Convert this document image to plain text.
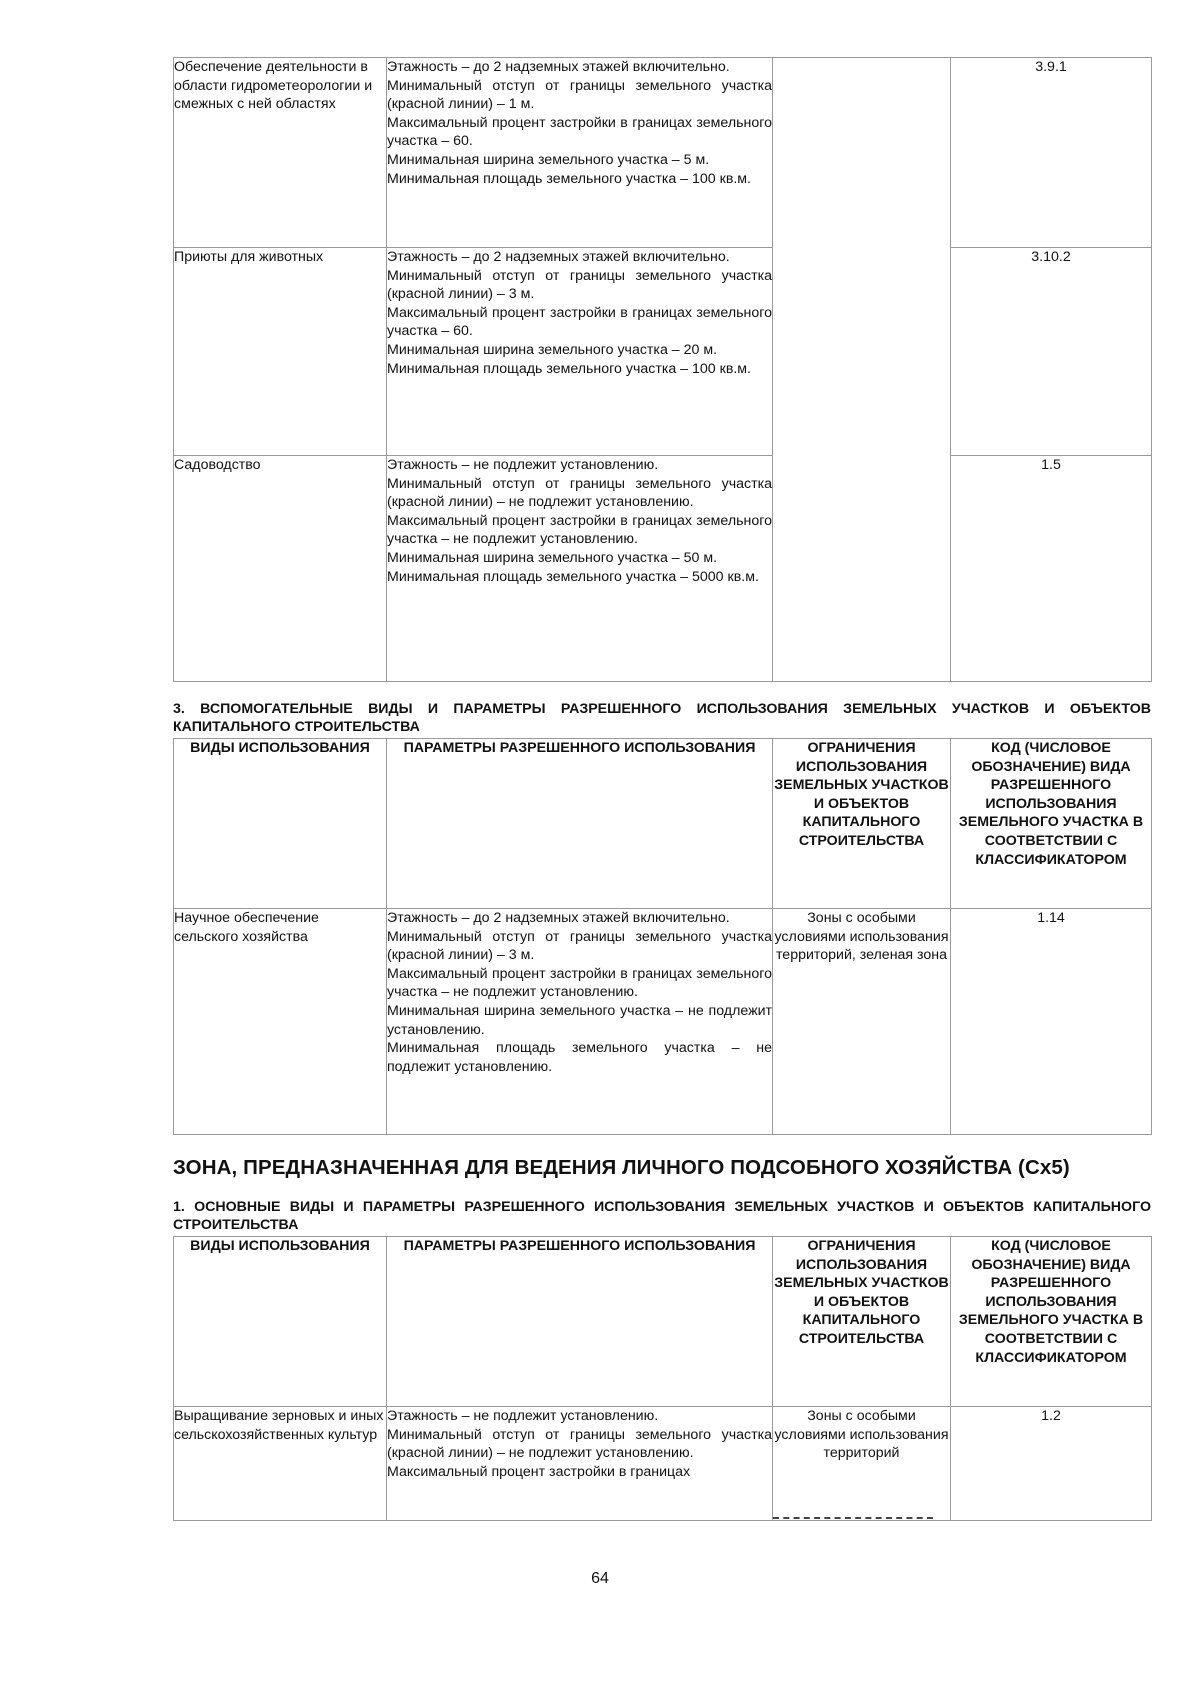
Обеспечение деятельности в области гидрометеорологии и смежных с ней областях	Этажность – до 2 надземных этажей включительно.

Минимальный отступ от границы земельного участка (красной линии) – 1 м.

Максимальный процент застройки в границах земельного участка – 60.

Минимальная ширина земельного участка – 5 м.

Минимальная площадь земельного участка – 100 кв.м.		3.9.1
Приюты для животных	Этажность – до 2 надземных этажей включительно.

Минимальный отступ от границы земельного участка (красной линии) – 3 м.

Максимальный процент застройки в границах земельного участка – 60.

Минимальная ширина земельного участка – 20 м.

Минимальная площадь земельного участка – 100 кв.м.		3.10.2
Садоводство	Этажность – не подлежит установлению.

Минимальный отступ от границы земельного участка (красной линии) – не подлежит установлению.

Максимальный процент застройки в границах земельного участка – не подлежит установлению.

Минимальная ширина земельного участка – 50 м.

Минимальная площадь земельного участка – 5000 кв.м.		1.5

3. ВСПОМОГАТЕЛЬНЫЕ ВИДЫ И ПАРАМЕТРЫ РАЗРЕШЕННОГО ИСПОЛЬЗОВАНИЯ ЗЕМЕЛЬНЫХ УЧАСТКОВ И ОБЪЕКТОВ КАПИТАЛЬНОГО СТРОИТЕЛЬСТВА

ВИДЫ ИСПОЛЬЗОВАНИЯ	ПАРАМЕТРЫ РАЗРЕШЕННОГО ИСПОЛЬЗОВАНИЯ	ОГРАНИЧЕНИЯ ИСПОЛЬЗОВАНИЯ ЗЕМЕЛЬНЫХ УЧАСТКОВ И ОБЪЕКТОВ КАПИТАЛЬНОГО СТРОИТЕЛЬСТВА	КОД (ЧИСЛОВОЕ ОБОЗНАЧЕНИЕ) ВИДА РАЗРЕШЕННОГО ИСПОЛЬЗОВАНИЯ ЗЕМЕЛЬНОГО УЧАСТКА В СООТВЕТСТВИИ С КЛАССИФИКАТОРОМ
Научное обеспечение сельского хозяйства	Этажность – до 2 надземных этажей включительно.

Минимальный отступ от границы земельного участка (красной линии) – 3 м.

Максимальный процент застройки в границах земельного участка – не подлежит установлению.

Минимальная ширина земельного участка – не подлежит установлению.

Минимальная площадь земельного участка – не подлежит установлению.	Зоны с особыми условиями использования территорий, зеленая зона	1.14
ЗОНА, ПРЕДНАЗНАЧЕННАЯ ДЛЯ ВЕДЕНИЯ ЛИЧНОГО ПОДСОБНОГО ХОЗЯЙСТВА (Сх5)

1. ОСНОВНЫЕ ВИДЫ И ПАРАМЕТРЫ РАЗРЕШЕННОГО ИСПОЛЬЗОВАНИЯ ЗЕМЕЛЬНЫХ УЧАСТКОВ И ОБЪЕКТОВ КАПИТАЛЬНОГО СТРОИТЕЛЬСТВА

ВИДЫ ИСПОЛЬЗОВАНИЯ	ПАРАМЕТРЫ РАЗРЕШЕННОГО ИСПОЛЬЗОВАНИЯ	ОГРАНИЧЕНИЯ ИСПОЛЬЗОВАНИЯ ЗЕМЕЛЬНЫХ УЧАСТКОВ И ОБЪЕКТОВ КАПИТАЛЬНОГО СТРОИТЕЛЬСТВА	КОД (ЧИСЛОВОЕ ОБОЗНАЧЕНИЕ) ВИДА РАЗРЕШЕННОГО ИСПОЛЬЗОВАНИЯ ЗЕМЕЛЬНОГО УЧАСТКА В СООТВЕТСТВИИ С КЛАССИФИКАТОРОМ
Выращивание зерновых и иных сельскохозяйственных культур	Этажность – не подлежит установлению.

Минимальный отступ от границы земельного участка (красной линии) – не подлежит установлению.

Максимальный процент застройки в границах	Зоны с особыми условиями использования территорий	1.2
64
